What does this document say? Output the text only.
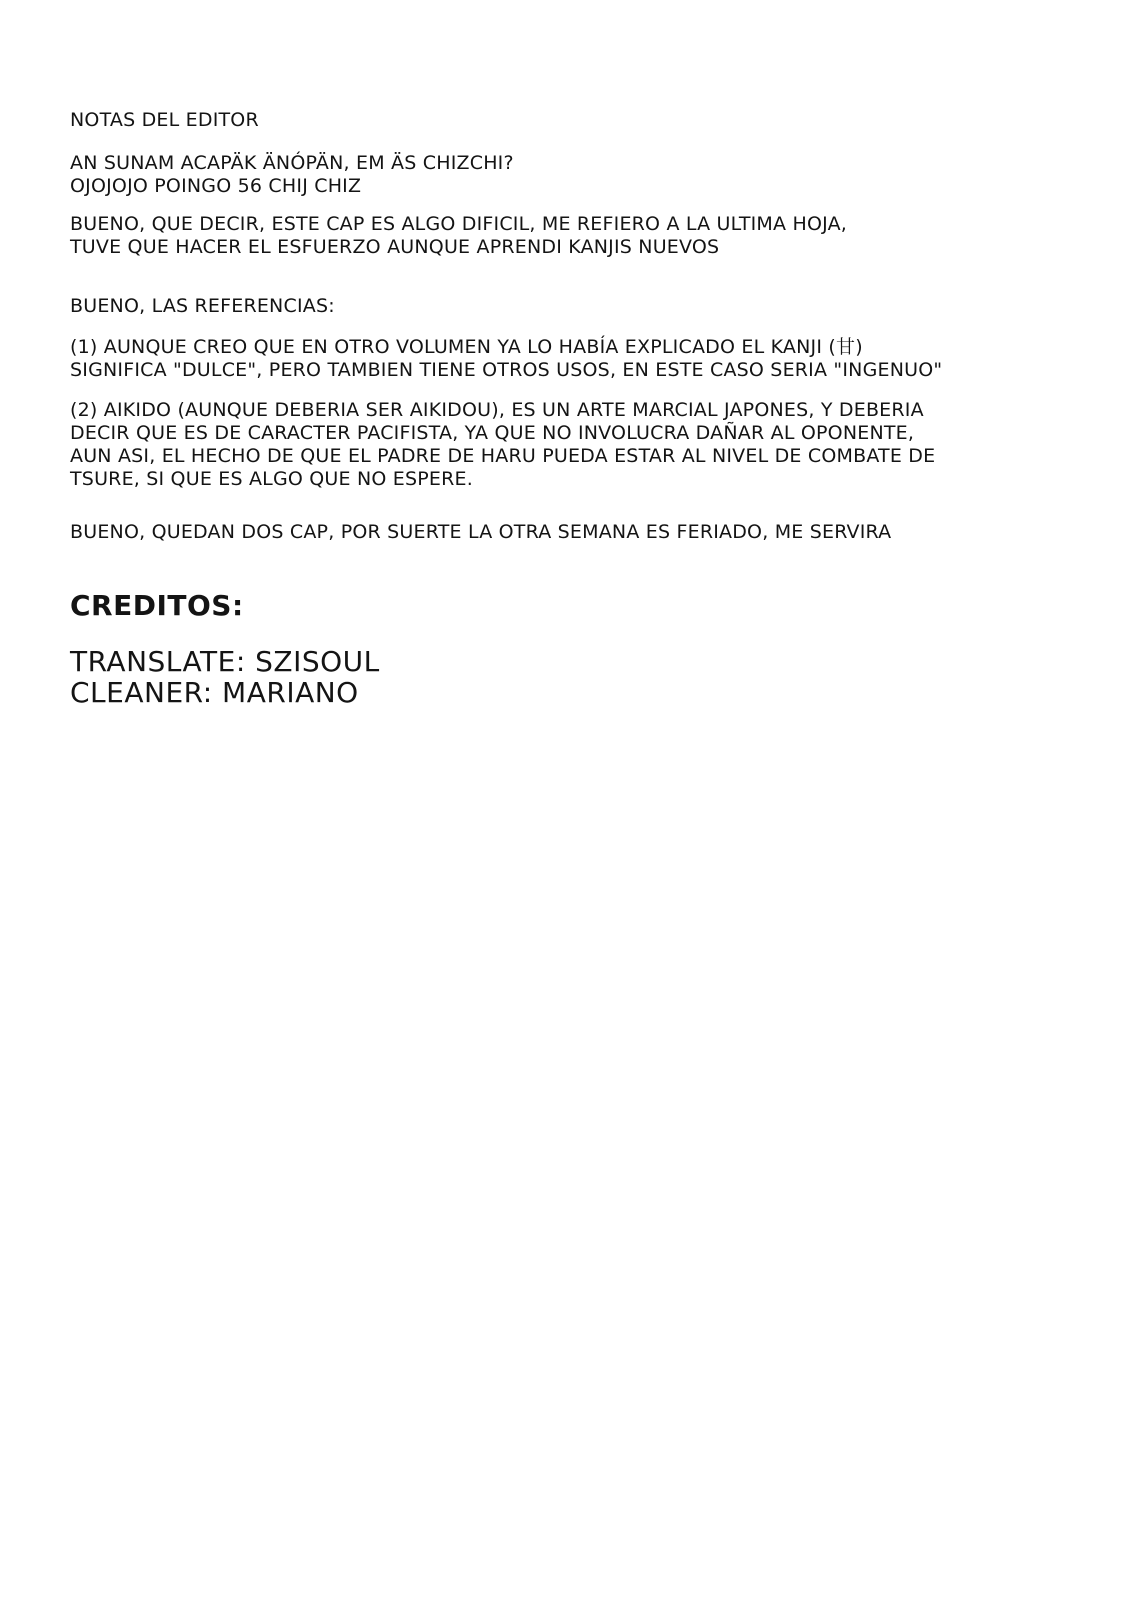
NOTAS DEL EDITOR

AN SUNAM ACAPÄK ÄNÓPÄN, EM ÄS CHIZCHI?
OJOJOJO POINGO 56 CHIJ CHIZ

BUENO, QUE DECIR, ESTE CAP ES ALGO DIFICIL, ME REFIERO A LA ULTIMA HOJA,
TUVE QUE HACER EL ESFUERZO AUNQUE APRENDI KANJIS NUEVOS

BUENO, LAS REFERENCIAS:

(1) AUNQUE CREO QUE EN OTRO VOLUMEN YA LO HABÍA EXPLICADO EL KANJI (甘)
SIGNIFICA "DULCE", PERO TAMBIEN TIENE OTROS USOS, EN ESTE CASO SERIA "INGENUO"

(2) AIKIDO (AUNQUE DEBERIA SER AIKIDOU), ES UN ARTE MARCIAL JAPONES, Y DEBERIA
DECIR QUE ES DE CARACTER PACIFISTA, YA QUE NO INVOLUCRA DAÑAR AL OPONENTE,
AUN ASI, EL HECHO DE QUE EL PADRE DE HARU PUEDA ESTAR AL NIVEL DE COMBATE DE
TSURE, SI QUE ES ALGO QUE NO ESPERE.

BUENO, QUEDAN DOS CAP, POR SUERTE LA OTRA SEMANA ES FERIADO, ME SERVIRA

CREDITOS:

TRANSLATE: SZISOUL
CLEANER: MARIANO
